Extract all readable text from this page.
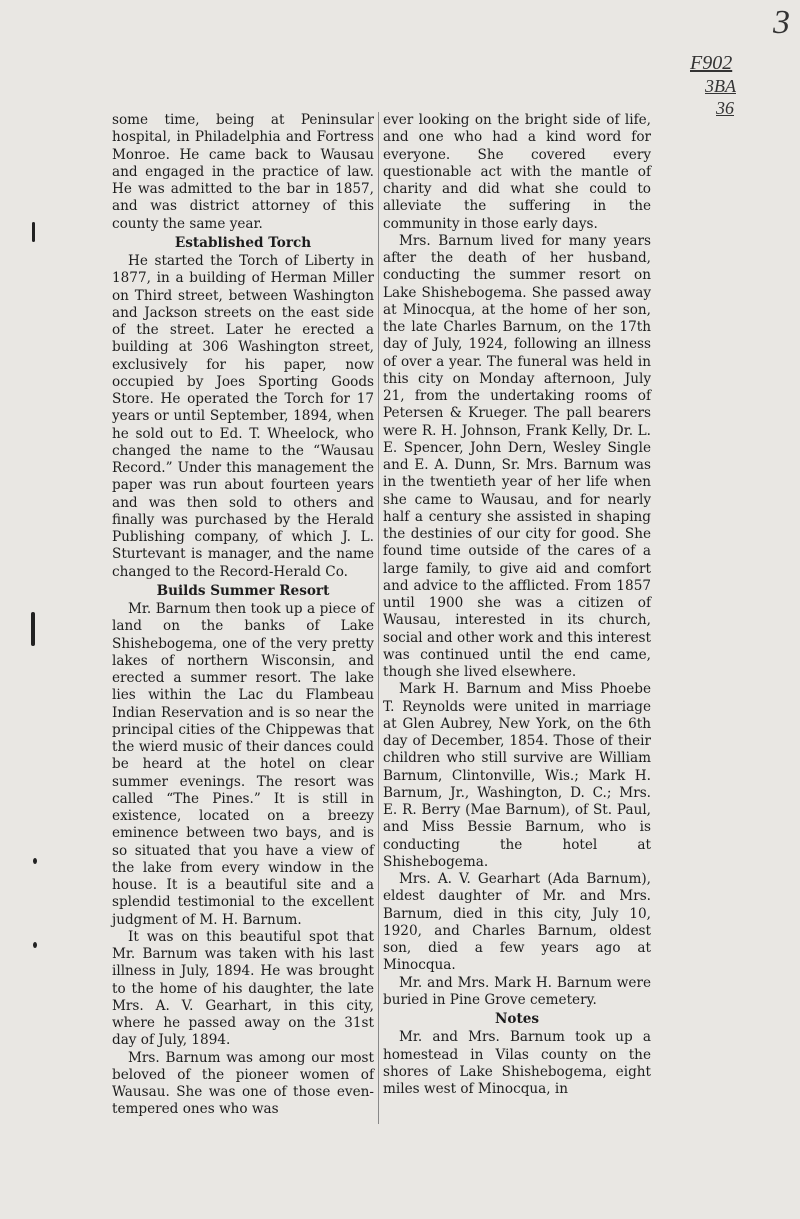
3
F902
3BA
36

some time, being at Peninsular hospital, in Philadelphia and Fortress Monroe. He came back to Wausau and engaged in the practice of law. He was admitted to the bar in 1857, and was district attorney of this county the same year.

Established Torch

He started the Torch of Liberty in 1877, in a building of Herman Miller on Third street, between Washington and Jackson streets on the east side of the street. Later he erected a building at 306 Washington street, exclusively for his paper, now occupied by Joes Sporting Goods Store. He operated the Torch for 17 years or until September, 1894, when he sold out to Ed. T. Wheelock, who changed the name to the “Wausau Record.” Under this management the paper was run about fourteen years and was then sold to others and finally was purchased by the Herald Publishing company, of which J. L. Sturtevant is manager, and the name changed to the Record-Herald Co.

Builds Summer Resort

Mr. Barnum then took up a piece of land on the banks of Lake Shishebogema, one of the very pretty lakes of northern Wisconsin, and erected a summer resort. The lake lies within the Lac du Flambeau Indian Reservation and is so near the principal cities of the Chippewas that the wierd music of their dances could be heard at the hotel on clear summer evenings. The resort was called “The Pines.” It is still in existence, located on a breezy eminence between two bays, and is so situated that you have a view of the lake from every window in the house. It is a beautiful site and a splendid testimonial to the excellent judgment of M. H. Barnum.

It was on this beautiful spot that Mr. Barnum was taken with his last illness in July, 1894. He was brought to the home of his daughter, the late Mrs. A. V. Gearhart, in this city, where he passed away on the 31st day of July, 1894.

Mrs. Barnum was among our most beloved of the pioneer women of Wausau. She was one of those even-tempered ones who was

ever looking on the bright side of life, and one who had a kind word for everyone. She covered every questionable act with the mantle of charity and did what she could to alleviate the suffering in the community in those early days.

Mrs. Barnum lived for many years after the death of her husband, conducting the summer resort on Lake Shishebogema. She passed away at Minocqua, at the home of her son, the late Charles Barnum, on the 17th day of July, 1924, following an illness of over a year. The funeral was held in this city on Monday afternoon, July 21, from the undertaking rooms of Petersen & Krueger. The pall bearers were R. H. Johnson, Frank Kelly, Dr. L. E. Spencer, John Dern, Wesley Single and E. A. Dunn, Sr. Mrs. Barnum was in the twentieth year of her life when she came to Wausau, and for nearly half a century she assisted in shaping the destinies of our city for good. She found time outside of the cares of a large family, to give aid and comfort and advice to the afflicted. From 1857 until 1900 she was a citizen of Wausau, interested in its church, social and other work and this interest was continued until the end came, though she lived elsewhere.

Mark H. Barnum and Miss Phoebe T. Reynolds were united in marriage at Glen Aubrey, New York, on the 6th day of December, 1854. Those of their children who still survive are William Barnum, Clintonville, Wis.; Mark H. Barnum, Jr., Washington, D. C.; Mrs. E. R. Berry (Mae Barnum), of St. Paul, and Miss Bessie Barnum, who is conducting the hotel at Shishebogema.

Mrs. A. V. Gearhart (Ada Barnum), eldest daughter of Mr. and Mrs. Barnum, died in this city, July 10, 1920, and Charles Barnum, oldest son, died a few years ago at Minocqua.

Mr. and Mrs. Mark H. Barnum were buried in Pine Grove cemetery.

Notes

Mr. and Mrs. Barnum took up a homestead in Vilas county on the shores of Lake Shishebogema, eight miles west of Minocqua, in
